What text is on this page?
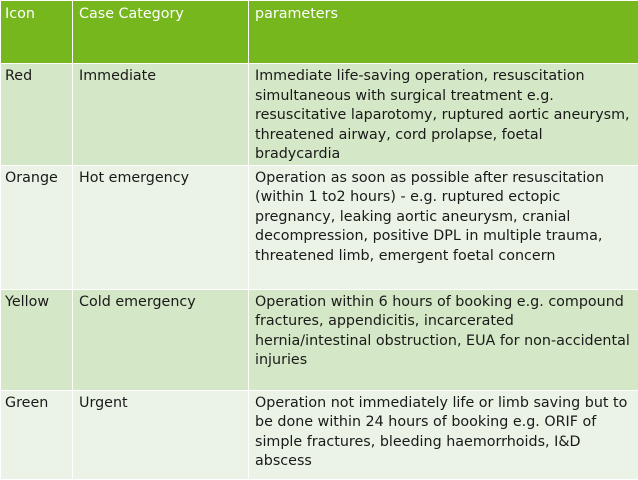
Icon	Case Category	parameters
Red	Immediate	Immediate life-saving operation, resuscitation simultaneous with surgical treatment e.g. resuscitative laparotomy, ruptured aortic aneurysm, threatened airway, cord prolapse, foetal bradycardia
Orange	Hot emergency	Operation as soon as possible after resuscitation (within 1 to2 hours) - e.g. ruptured ectopic pregnancy, leaking aortic aneurysm, cranial decompression, positive DPL in multiple trauma, threatened limb, emergent foetal concern
Yellow	Cold emergency	Operation within 6 hours of booking e.g. compound fractures, appendicitis, incarcerated hernia/intestinal obstruction, EUA for non-accidental injuries
Green	Urgent	Operation not immediately life or limb saving but to be done within 24 hours of booking e.g. ORIF of simple fractures, bleeding haemorrhoids, I&D abscess
